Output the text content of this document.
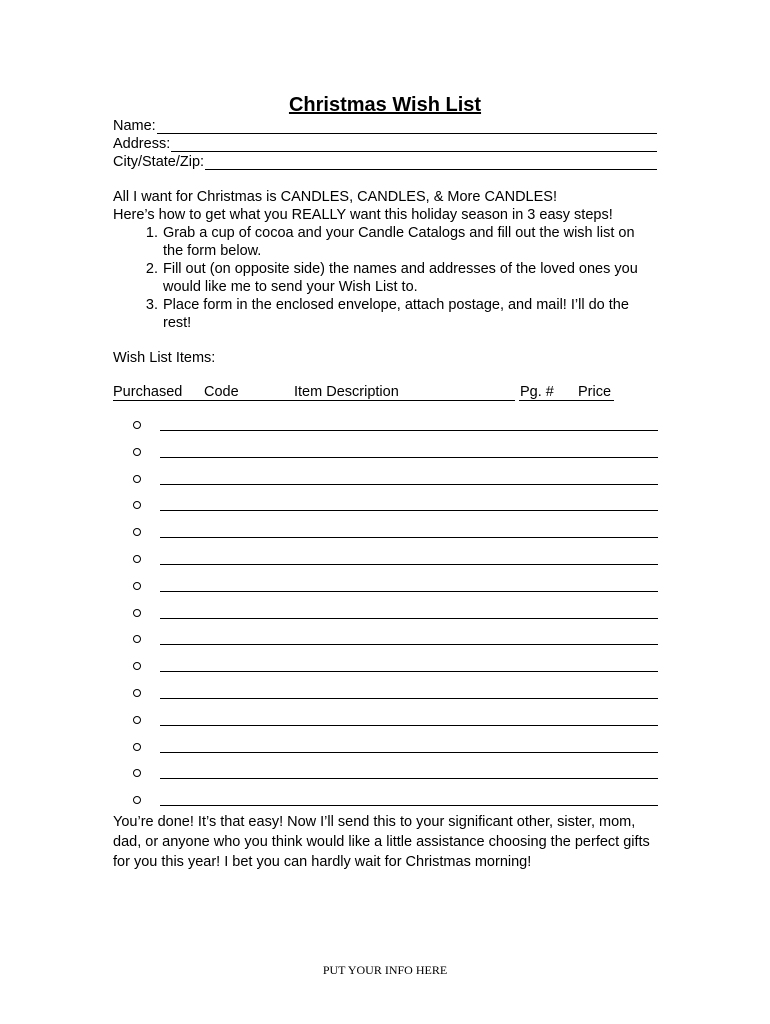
Christmas Wish List
Name:
Address:
City/State/Zip:
All I want for Christmas is CANDLES, CANDLES, & More CANDLES!
Here’s how to get what you REALLY want this holiday season in 3 easy steps!
1. Grab a cup of cocoa and your Candle Catalogs and fill out the wish list on the form below.
2. Fill out (on opposite side) the names and addresses of the loved ones you would like me to send your Wish List to.
3. Place form in the enclosed envelope, attach postage, and mail! I’ll do the rest!
Wish List Items:
Purchased Code	Item Description	Pg. # Price
You’re done! It’s that easy! Now I’ll send this to your significant other, sister, mom, dad, or anyone who you think would like a little assistance choosing the perfect gifts for you this year! I bet you can hardly wait for Christmas morning!
PUT YOUR INFO HERE
